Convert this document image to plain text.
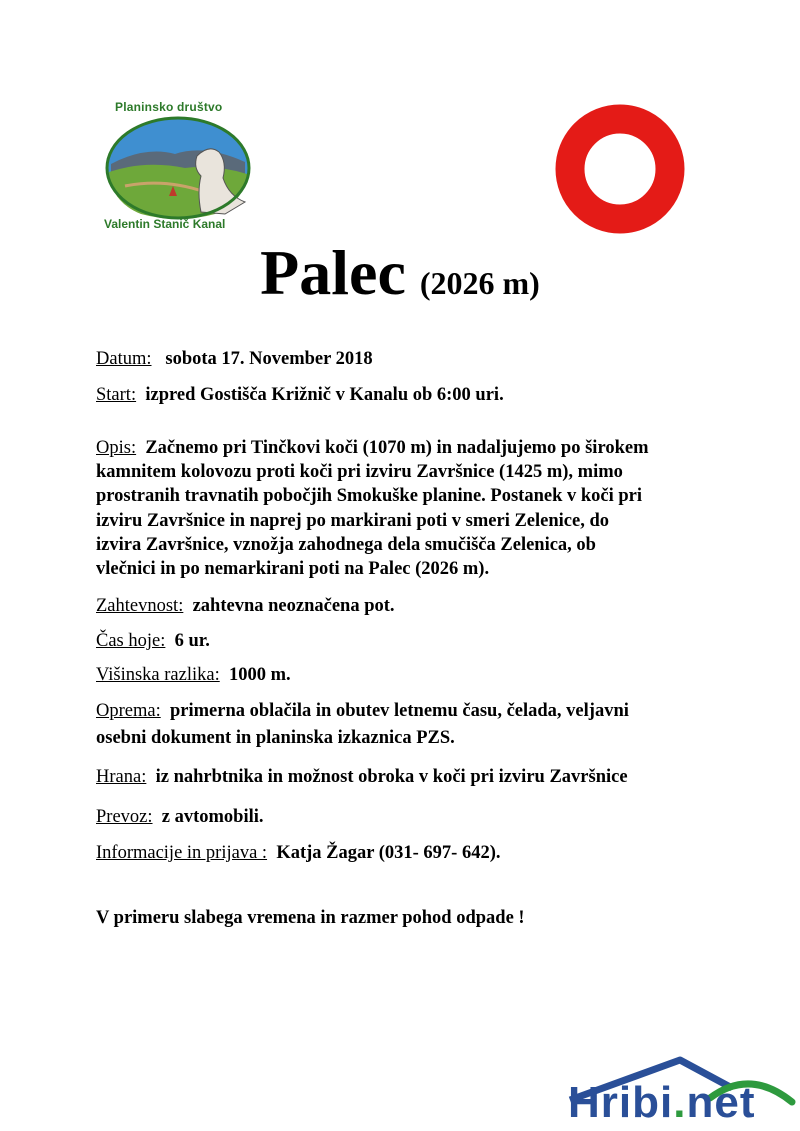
Planinsko društvo
Valentin Stanič Kanal
Palec (2026 m)
Datum: sobota 17. November 2018
Start: izpred Gostišča Križnič v Kanalu ob 6:00 uri.
Opis: Začnemo pri Tinčkovi koči (1070 m) in nadaljujemo po širokem
kamnitem kolovozu proti koči pri izviru Završnice (1425 m), mimo
prostranih travnatih pobočjih Smokuške planine. Postanek v koči pri
izviru Završnice in naprej po markirani poti v smeri Zelenice, do
izvira Završnice, vznožja zahodnega dela smučišča Zelenica, ob
vlečnici in po nemarkirani poti na Palec (2026 m).
Zahtevnost: zahtevna neoznačena pot.
Čas hoje: 6 ur.
Višinska razlika: 1000 m.
Oprema: primerna oblačila in obutev letnemu času, čelada, veljavni
osebni dokument in planinska izkaznica PZS.
Hrana: iz nahrbtnika in možnost obroka v koči pri izviru Završnice
Prevoz: z avtomobili.
Informacije in prijava : Katja Žagar (031- 697- 642).
V primeru slabega vremena in razmer pohod odpade !
Hribi.net
